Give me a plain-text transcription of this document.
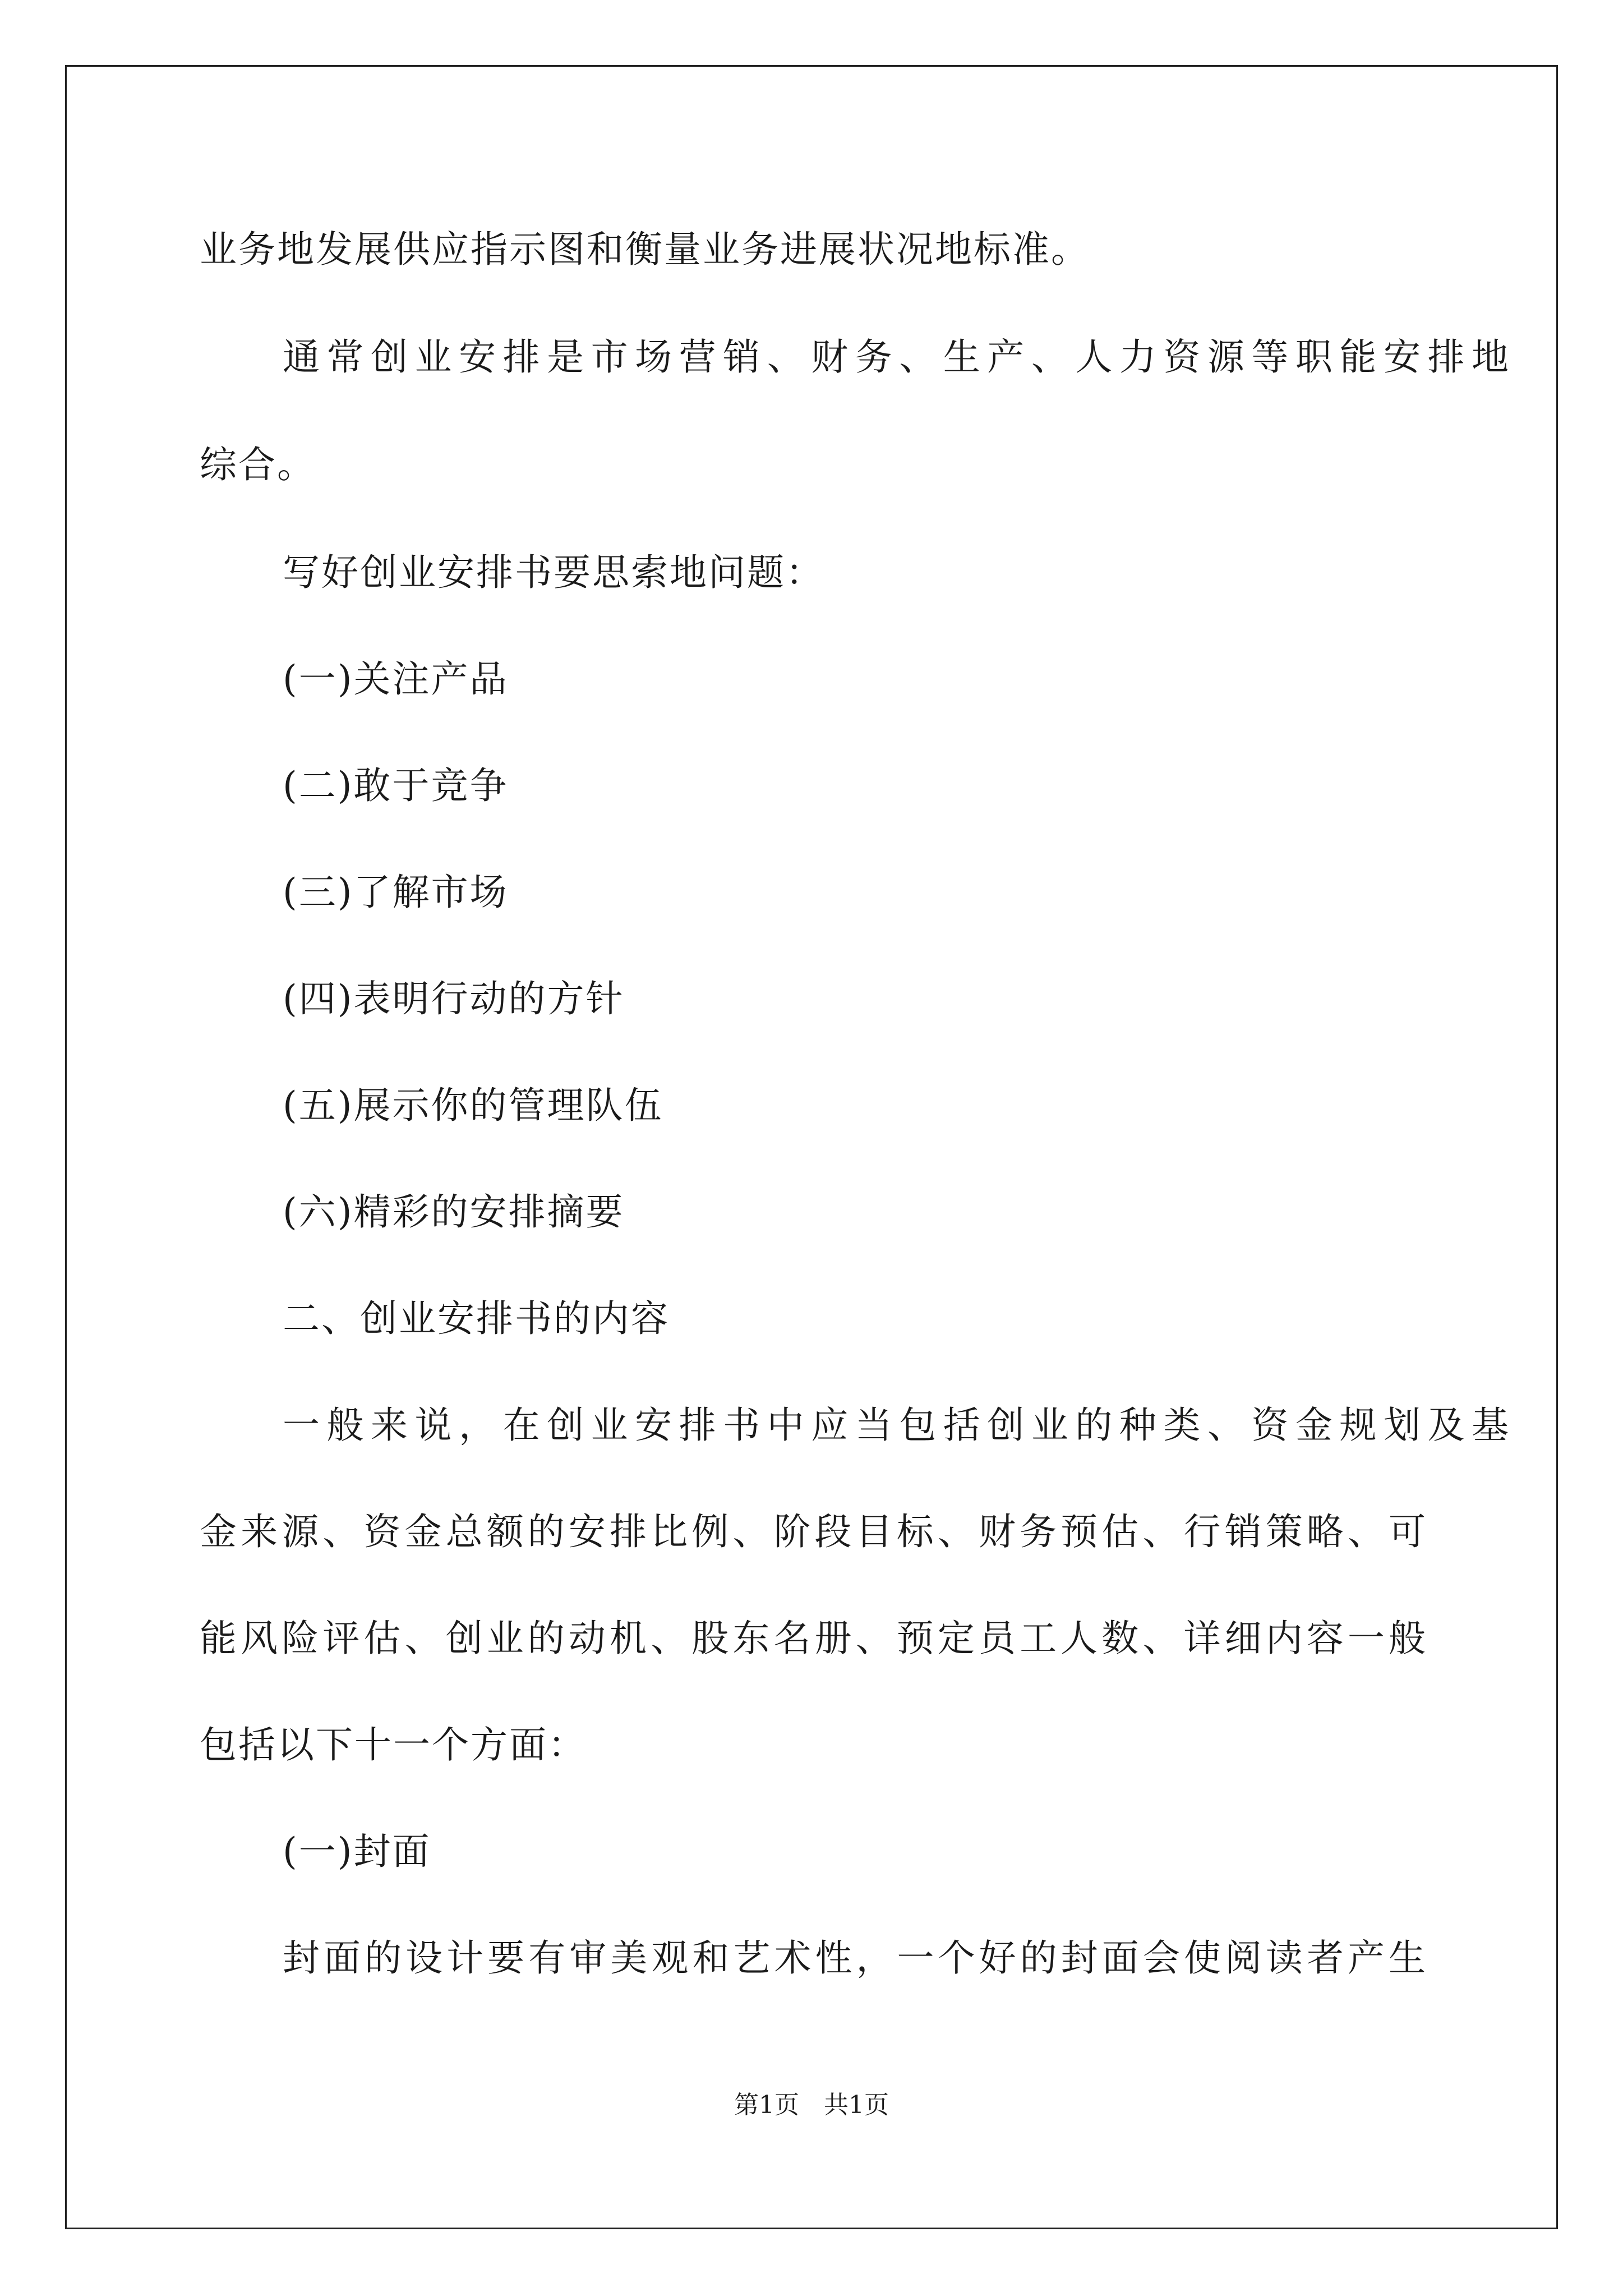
业务地发展供应指示图和衡量业务进展状况地标准。
通常创业安排是市场营销、财务、生产、人力资源等职能安排地
综合。
写好创业安排书要思索地问题：
(一)关注产品
(二)敢于竞争
(三)了解市场
(四)表明行动的方针
(五)展示你的管理队伍
(六)精彩的安排摘要
二、创业安排书的内容
一般来说，在创业安排书中应当包括创业的种类、资金规划及基
金来源、资金总额的安排比例、阶段目标、财务预估、行销策略、可
能风险评估、创业的动机、股东名册、预定员工人数、详细内容一般
包括以下十一个方面：
(一)封面
封面的设计要有审美观和艺术性，一个好的封面会使阅读者产生
第1页　共1页
